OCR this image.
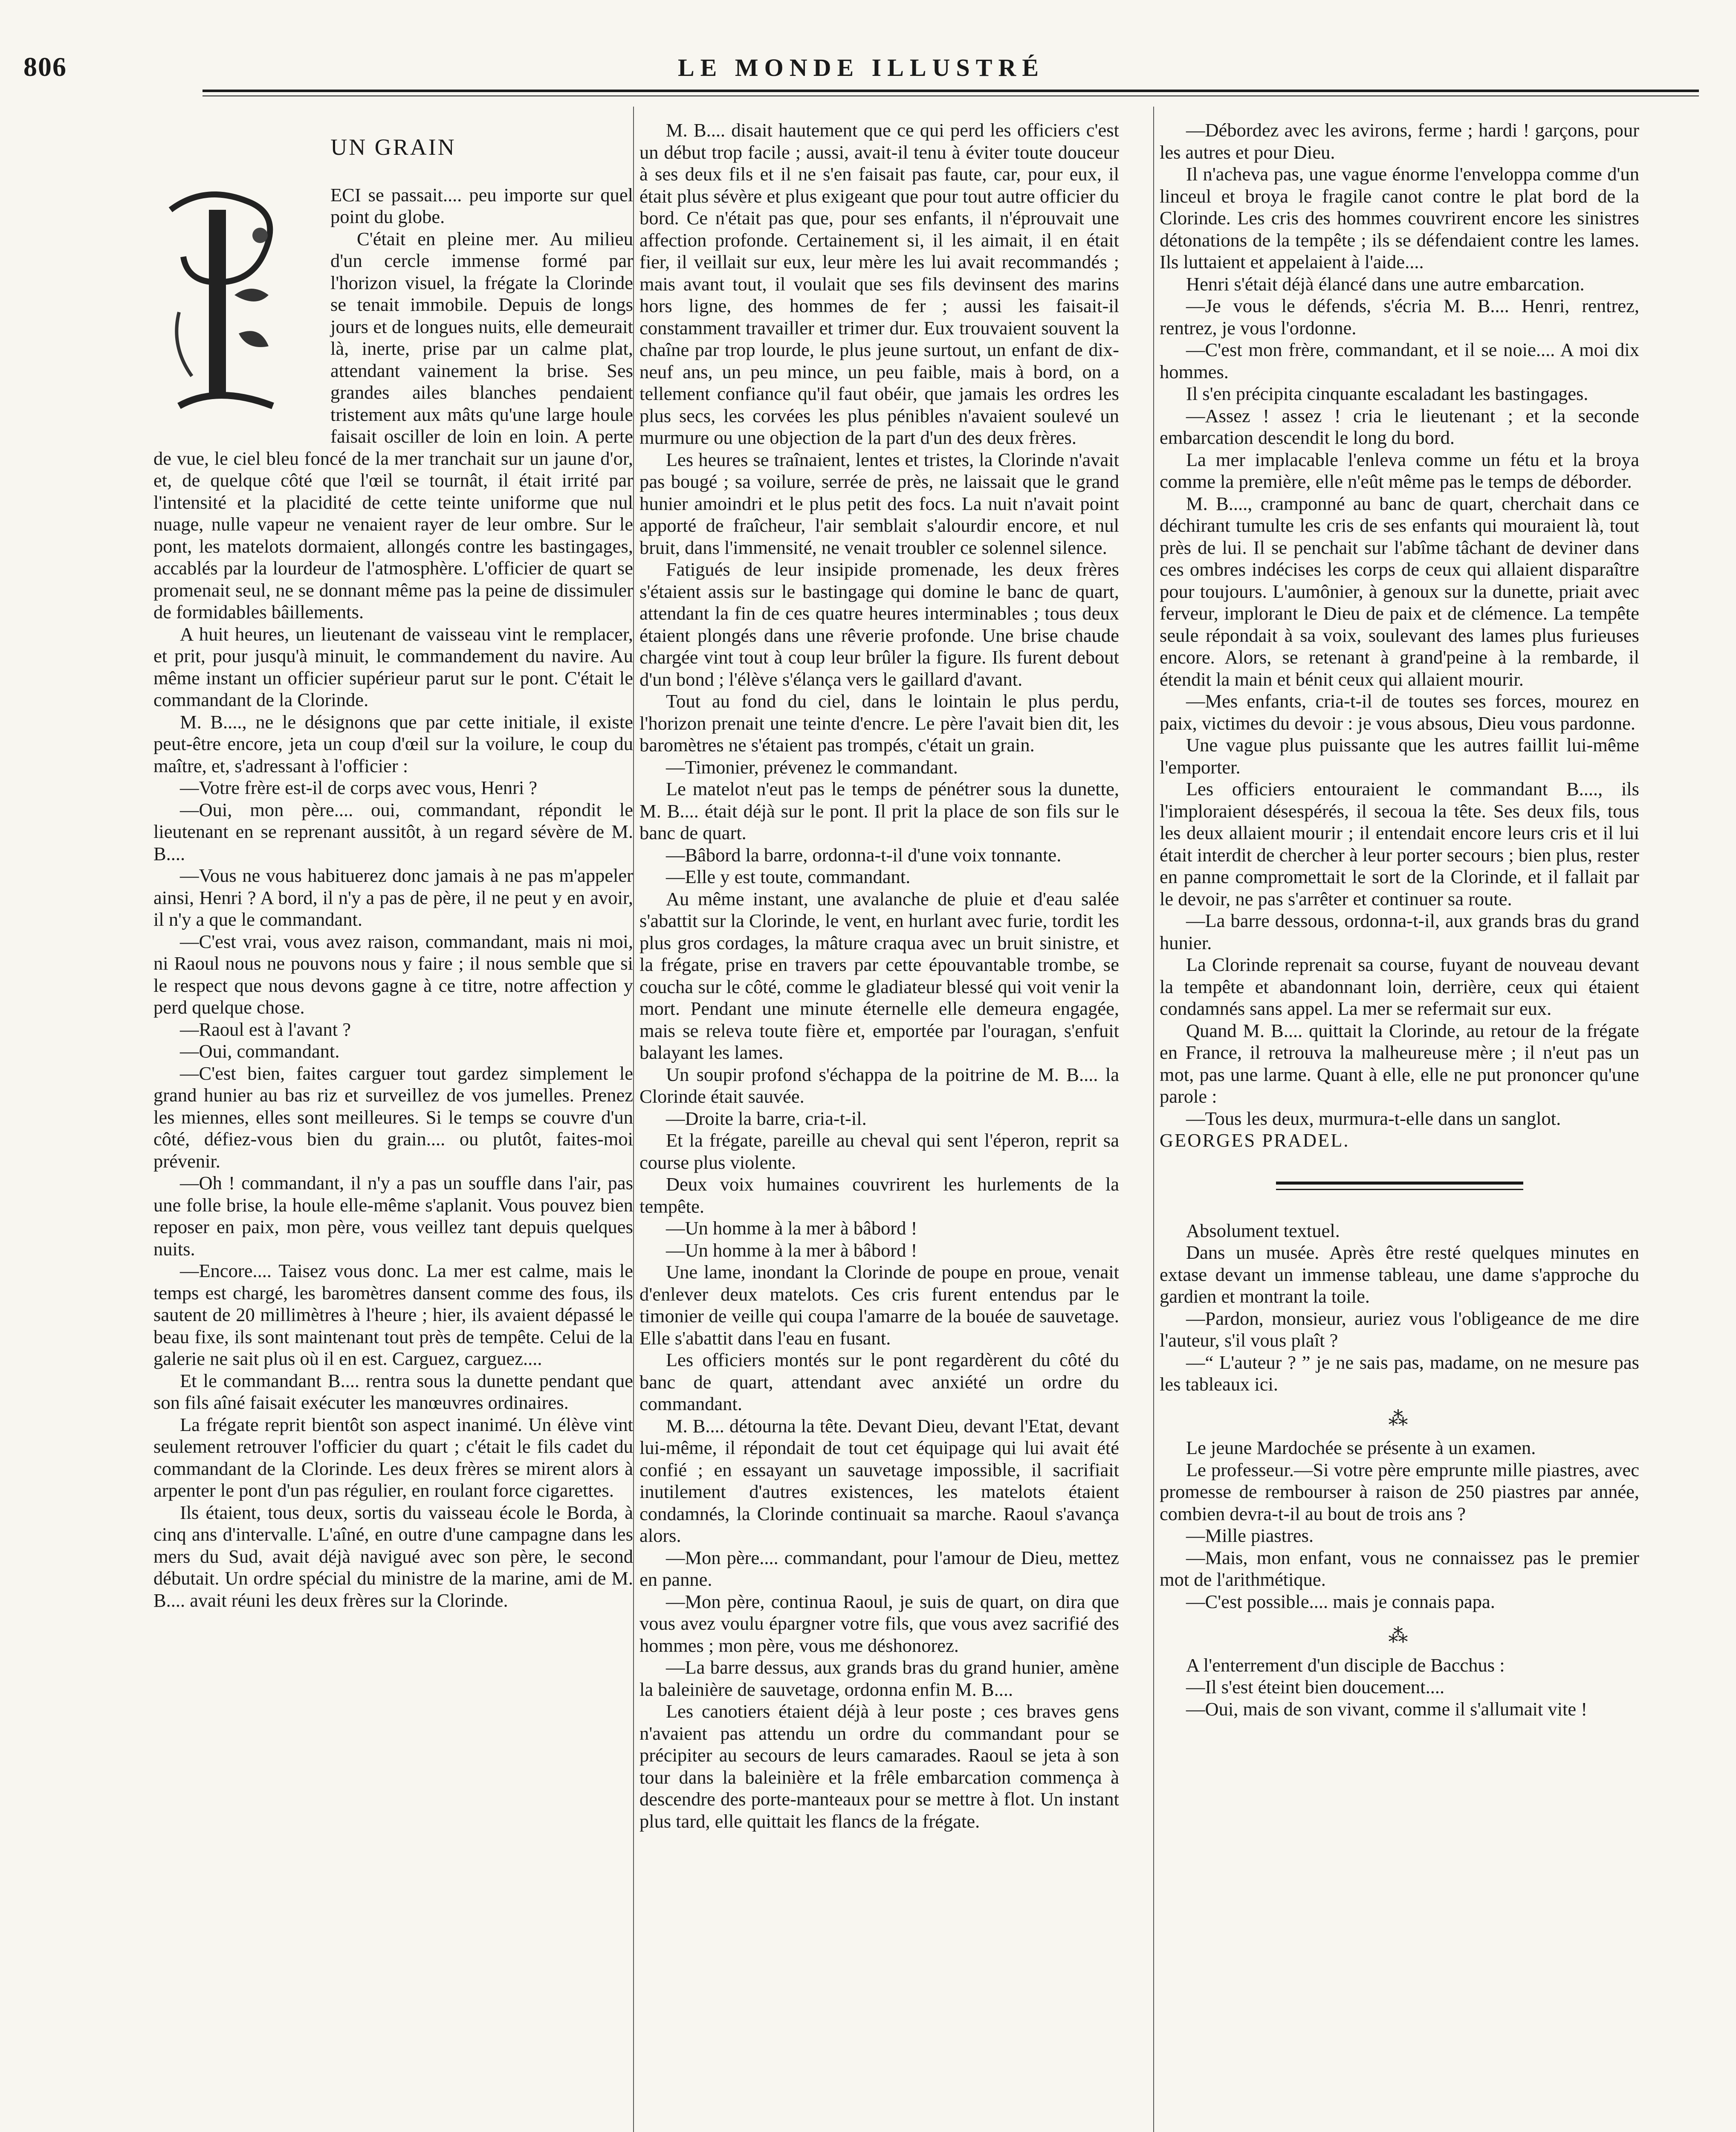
806	LE MONDE ILLUSTRÉ
UN GRAIN

ECI se passait.... peu importe sur quel point du globe.

C'était en pleine mer. Au milieu d'un cercle immense formé par l'horizon visuel, la frégate la Clorinde se tenait immobile. Depuis de longs jours et de longues nuits, elle demeurait là, inerte, prise par un calme plat, attendant vainement la brise. Ses grandes ailes blanches pendaient tristement aux mâts qu'une large houle faisait osciller de loin en loin. A perte de vue, le ciel bleu foncé de la mer tranchait sur un jaune d'or, et, de quelque côté que l'œil se tournât, il était irrité par l'intensité et la placidité de cette teinte uniforme que nul nuage, nulle vapeur ne venaient rayer de leur ombre. Sur le pont, les matelots dormaient, allongés contre les bastingages, accablés par la lourdeur de l'atmosphère. L'officier de quart se promenait seul, ne se donnant même pas la peine de dissimuler de formidables bâillements.

A huit heures, un lieutenant de vaisseau vint le remplacer, et prit, pour jusqu'à minuit, le commandement du navire. Au même instant un officier supérieur parut sur le pont. C'était le commandant de la Clorinde.

M. B...., ne le désignons que par cette initiale, il existe peut-être encore, jeta un coup d'œil sur la voilure, le coup du maître, et, s'adressant à l'officier :

—Votre frère est-il de corps avec vous, Henri ?

—Oui, mon père.... oui, commandant, répondit le lieutenant en se reprenant aussitôt, à un regard sévère de M. B....

—Vous ne vous habituerez donc jamais à ne pas m'appeler ainsi, Henri ? A bord, il n'y a pas de père, il ne peut y en avoir, il n'y a que le commandant.

—C'est vrai, vous avez raison, commandant, mais ni moi, ni Raoul nous ne pouvons nous y faire ; il nous semble que si le respect que nous devons gagne à ce titre, notre affection y perd quelque chose.

—Raoul est à l'avant ?

—Oui, commandant.

—C'est bien, faites carguer tout gardez simplement le grand hunier au bas riz et surveillez de vos jumelles. Prenez les miennes, elles sont meilleures. Si le temps se couvre d'un côté, défiez-vous bien du grain.... ou plutôt, faites-moi prévenir.

—Oh ! commandant, il n'y a pas un souffle dans l'air, pas une folle brise, la houle elle-même s'aplanit. Vous pouvez bien reposer en paix, mon père, vous veillez tant depuis quelques nuits.

—Encore.... Taisez vous donc. La mer est calme, mais le temps est chargé, les baromètres dansent comme des fous, ils sautent de 20 millimètres à l'heure ; hier, ils avaient dépassé le beau fixe, ils sont maintenant tout près de tempête. Celui de la galerie ne sait plus où il en est. Carguez, carguez....

Et le commandant B.... rentra sous la dunette pendant que son fils aîné faisait exécuter les manœuvres ordinaires.

La frégate reprit bientôt son aspect inanimé. Un élève vint seulement retrouver l'officier du quart ; c'était le fils cadet du commandant de la Clorinde. Les deux frères se mirent alors à arpenter le pont d'un pas régulier, en roulant force cigarettes.

Ils étaient, tous deux, sortis du vaisseau école le Borda, à cinq ans d'intervalle. L'aîné, en outre d'une campagne dans les mers du Sud, avait déjà navigué avec son père, le second débutait. Un ordre spécial du ministre de la marine, ami de M. B.... avait réuni les deux frères sur la Clorinde.

M. B.... disait hautement que ce qui perd les officiers c'est un début trop facile ; aussi, avait-il tenu à éviter toute douceur à ses deux fils et il ne s'en faisait pas faute, car, pour eux, il était plus sévère et plus exigeant que pour tout autre officier du bord. Ce n'était pas que, pour ses enfants, il n'éprouvait une affection profonde. Certainement si, il les aimait, il en était fier, il veillait sur eux, leur mère les lui avait recommandés ; mais avant tout, il voulait que ses fils devinsent des marins hors ligne, des hommes de fer ; aussi les faisait-il constamment travailler et trimer dur. Eux trouvaient souvent la chaîne par trop lourde, le plus jeune surtout, un enfant de dix-neuf ans, un peu mince, un peu faible, mais à bord, on a tellement confiance qu'il faut obéir, que jamais les ordres les plus secs, les corvées les plus pénibles n'avaient soulevé un murmure ou une objection de la part d'un des deux frères.

Les heures se traînaient, lentes et tristes, la Clorinde n'avait pas bougé ; sa voilure, serrée de près, ne laissait que le grand hunier amoindri et le plus petit des focs. La nuit n'avait point apporté de fraîcheur, l'air semblait s'alourdir encore, et nul bruit, dans l'immensité, ne venait troubler ce solennel silence.

Fatigués de leur insipide promenade, les deux frères s'étaient assis sur le bastingage qui domine le banc de quart, attendant la fin de ces quatre heures interminables ; tous deux étaient plongés dans une rêverie profonde. Une brise chaude chargée vint tout à coup leur brûler la figure. Ils furent debout d'un bond ; l'élève s'élança vers le gaillard d'avant.

Tout au fond du ciel, dans le lointain le plus perdu, l'horizon prenait une teinte d'encre. Le père l'avait bien dit, les baromètres ne s'étaient pas trompés, c'était un grain.

—Timonier, prévenez le commandant.

Le matelot n'eut pas le temps de pénétrer sous la dunette, M. B.... était déjà sur le pont. Il prit la place de son fils sur le banc de quart.

—Bâbord la barre, ordonna-t-il d'une voix tonnante.

—Elle y est toute, commandant.

Au même instant, une avalanche de pluie et d'eau salée s'abattit sur la Clorinde, le vent, en hurlant avec furie, tordit les plus gros cordages, la mâture craqua avec un bruit sinistre, et la frégate, prise en travers par cette épouvantable trombe, se coucha sur le côté, comme le gladiateur blessé qui voit venir la mort. Pendant une minute éternelle elle demeura engagée, mais se releva toute fière et, emportée par l'ouragan, s'enfuit balayant les lames.

Un soupir profond s'échappa de la poitrine de M. B.... la Clorinde était sauvée.

—Droite la barre, cria-t-il.

Et la frégate, pareille au cheval qui sent l'éperon, reprit sa course plus violente.

Deux voix humaines couvrirent les hurlements de la tempête.

—Un homme à la mer à bâbord !

—Un homme à la mer à bâbord !

Une lame, inondant la Clorinde de poupe en proue, venait d'enlever deux matelots. Ces cris furent entendus par le timonier de veille qui coupa l'amarre de la bouée de sauvetage. Elle s'abattit dans l'eau en fusant.

Les officiers montés sur le pont regardèrent du côté du banc de quart, attendant avec anxiété un ordre du commandant.

M. B.... détourna la tête. Devant Dieu, devant l'Etat, devant lui-même, il répondait de tout cet équipage qui lui avait été confié ; en essayant un sauvetage impossible, il sacrifiait inutilement d'autres existences, les matelots étaient condamnés, la Clorinde continuait sa marche. Raoul s'avança alors.

—Mon père.... commandant, pour l'amour de Dieu, mettez en panne.

—Mon père, continua Raoul, je suis de quart, on dira que vous avez voulu épargner votre fils, que vous avez sacrifié des hommes ; mon père, vous me déshonorez.

—La barre dessus, aux grands bras du grand hunier, amène la baleinière de sauvetage, ordonna enfin M. B....

Les canotiers étaient déjà à leur poste ; ces braves gens n'avaient pas attendu un ordre du commandant pour se précipiter au secours de leurs camarades. Raoul se jeta à son tour dans la baleinière et la frêle embarcation commença à descendre des porte-manteaux pour se mettre à flot. Un instant plus tard, elle quittait les flancs de la frégate.

—Débordez avec les avirons, ferme ; hardi ! garçons, pour les autres et pour Dieu.

Il n'acheva pas, une vague énorme l'enveloppa comme d'un linceul et broya le fragile canot contre le plat bord de la Clorinde. Les cris des hommes couvrirent encore les sinistres détonations de la tempête ; ils se défendaient contre les lames. Ils luttaient et appelaient à l'aide....

Henri s'était déjà élancé dans une autre embarcation.

—Je vous le défends, s'écria M. B.... Henri, rentrez, rentrez, je vous l'ordonne.

—C'est mon frère, commandant, et il se noie.... A moi dix hommes.

Il s'en précipita cinquante escaladant les bastingages.

—Assez ! assez ! cria le lieutenant ; et la seconde embarcation descendit le long du bord.

La mer implacable l'enleva comme un fétu et la broya comme la première, elle n'eût même pas le temps de déborder.

M. B...., cramponné au banc de quart, cherchait dans ce déchirant tumulte les cris de ses enfants qui mouraient là, tout près de lui. Il se penchait sur l'abîme tâchant de deviner dans ces ombres indécises les corps de ceux qui allaient disparaître pour toujours. L'aumônier, à genoux sur la dunette, priait avec ferveur, implorant le Dieu de paix et de clémence. La tempête seule répondait à sa voix, soulevant des lames plus furieuses encore. Alors, se retenant à grand'peine à la rembarde, il étendit la main et bénit ceux qui allaient mourir.

—Mes enfants, cria-t-il de toutes ses forces, mourez en paix, victimes du devoir : je vous absous, Dieu vous pardonne.

Une vague plus puissante que les autres faillit lui-même l'emporter.

Les officiers entouraient le commandant B...., ils l'imploraient désespérés, il secoua la tête. Ses deux fils, tous les deux allaient mourir ; il entendait encore leurs cris et il lui était interdit de chercher à leur porter secours ; bien plus, rester en panne compromettait le sort de la Clorinde, et il fallait par le devoir, ne pas s'arrêter et continuer sa route.

—La barre dessous, ordonna-t-il, aux grands bras du grand hunier.

La Clorinde reprenait sa course, fuyant de nouveau devant la tempête et abandonnant loin, derrière, ceux qui étaient condamnés sans appel. La mer se refermait sur eux.

Quand M. B.... quittait la Clorinde, au retour de la frégate en France, il retrouva la malheureuse mère ; il n'eut pas un mot, pas une larme. Quant à elle, elle ne put prononcer qu'une parole :

—Tous les deux, murmura-t-elle dans un sanglot.

GEORGES PRADEL.

Absolument textuel.

Dans un musée. Après être resté quelques minutes en extase devant un immense tableau, une dame s'approche du gardien et montrant la toile.

—Pardon, monsieur, auriez vous l'obligeance de me dire l'auteur, s'il vous plaît ?

—“ L'auteur ? ” je ne sais pas, madame, on ne mesure pas les tableaux ici.

⁂

Le jeune Mardochée se présente à un examen.

Le professeur.—Si votre père emprunte mille piastres, avec promesse de rembourser à raison de 250 piastres par année, combien devra-t-il au bout de trois ans ?

—Mille piastres.

—Mais, mon enfant, vous ne connaissez pas le premier mot de l'arithmétique.

—C'est possible.... mais je connais papa.

⁂

A l'enterrement d'un disciple de Bacchus :

—Il s'est éteint bien doucement....

—Oui, mais de son vivant, comme il s'allumait vite !
